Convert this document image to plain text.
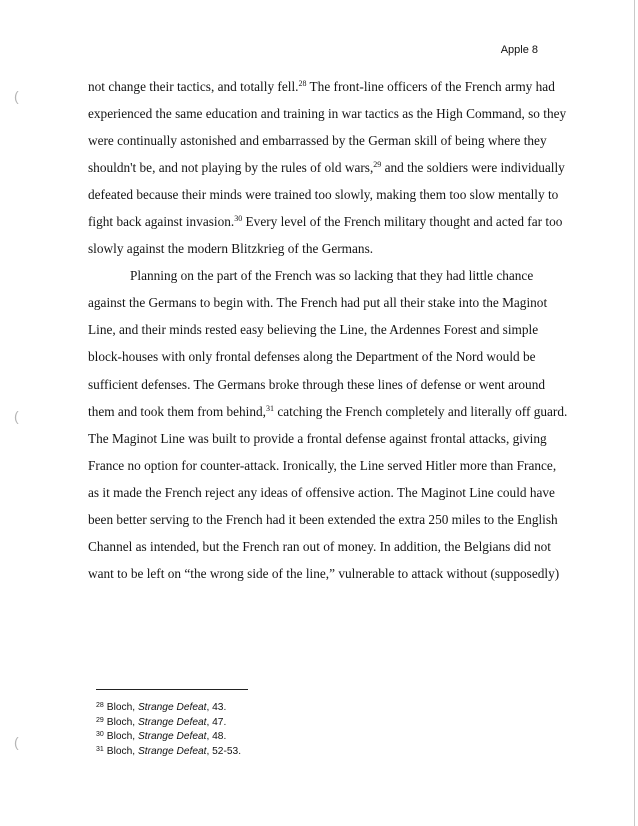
Apple 8
(
(
(
not change their tactics, and totally fell.$^{28}$ The front-line officers of the French army had
experienced the same education and training in war tactics as the High Command, so they
were continually astonished and embarrassed by the German skill of being where they
shouldn't be, and not playing by the rules of old wars,$^{29}$ and the soldiers were individually
defeated because their minds were trained too slowly, making them too slow mentally to
fight back against invasion.$^{30}$ Every level of the French military thought and acted far too
slowly against the modern Blitzkrieg of the Germans.
Planning on the part of the French was so lacking that they had little chance
against the Germans to begin with. The French had put all their stake into the Maginot
Line, and their minds rested easy believing the Line, the Ardennes Forest and simple
block-houses with only frontal defenses along the Department of the Nord would be
sufficient defenses. The Germans broke through these lines of defense or went around
them and took them from behind,$^{31}$ catching the French completely and literally off guard.
The Maginot Line was built to provide a frontal defense against frontal attacks, giving
France no option for counter-attack. Ironically, the Line served Hitler more than France,
as it made the French reject any ideas of offensive action. The Maginot Line could have
been better serving to the French had it been extended the extra 250 miles to the English
Channel as intended, but the French ran out of money. In addition, the Belgians did not
want to be left on “the wrong side of the line,” vulnerable to attack without (supposedly)
$^{28}$ Bloch, Strange Defeat, 43.
$^{29}$ Bloch, Strange Defeat, 47.
$^{30}$ Bloch, Strange Defeat, 48.
$^{31}$ Bloch, Strange Defeat, 52-53.
